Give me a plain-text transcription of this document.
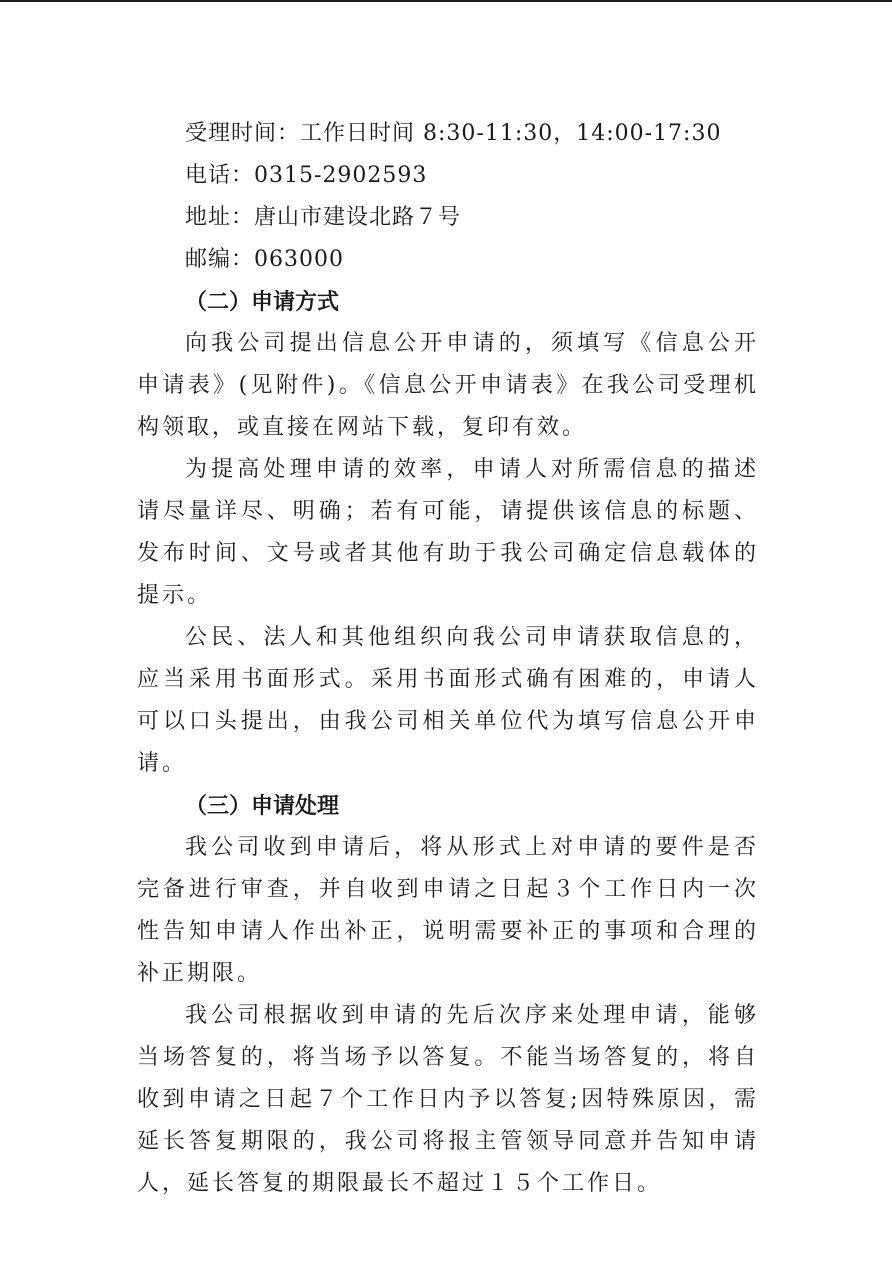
受理时间：工作日时间 8:30-11:30，14:00-17:30
电话：0315-2902593
地址：唐山市建设北路７号
邮编：063000
（二）申请方式

向我公司提出信息公开申请的，须填写《信息公开申请表》(见附件)。《信息公开申请表》在我公司受理机构领取，或直接在网站下载，复印有效。

为提高处理申请的效率，申请人对所需信息的描述请尽量详尽、明确；若有可能，请提供该信息的标题、发布时间、文号或者其他有助于我公司确定信息载体的提示。

公民、法人和其他组织向我公司申请获取信息的，应当采用书面形式。采用书面形式确有困难的，申请人可以口头提出，由我公司相关单位代为填写信息公开申请。

（三）申请处理

我公司收到申请后，将从形式上对申请的要件是否完备进行审查，并自收到申请之日起３个工作日内一次性告知申请人作出补正，说明需要补正的事项和合理的补正期限。

我公司根据收到申请的先后次序来处理申请，能够当场答复的，将当场予以答复。不能当场答复的，将自收到申请之日起７个工作日内予以答复;因特殊原因，需延长答复期限的，我公司将报主管领导同意并告知申请人，延长答复的期限最长不超过１５个工作日。
